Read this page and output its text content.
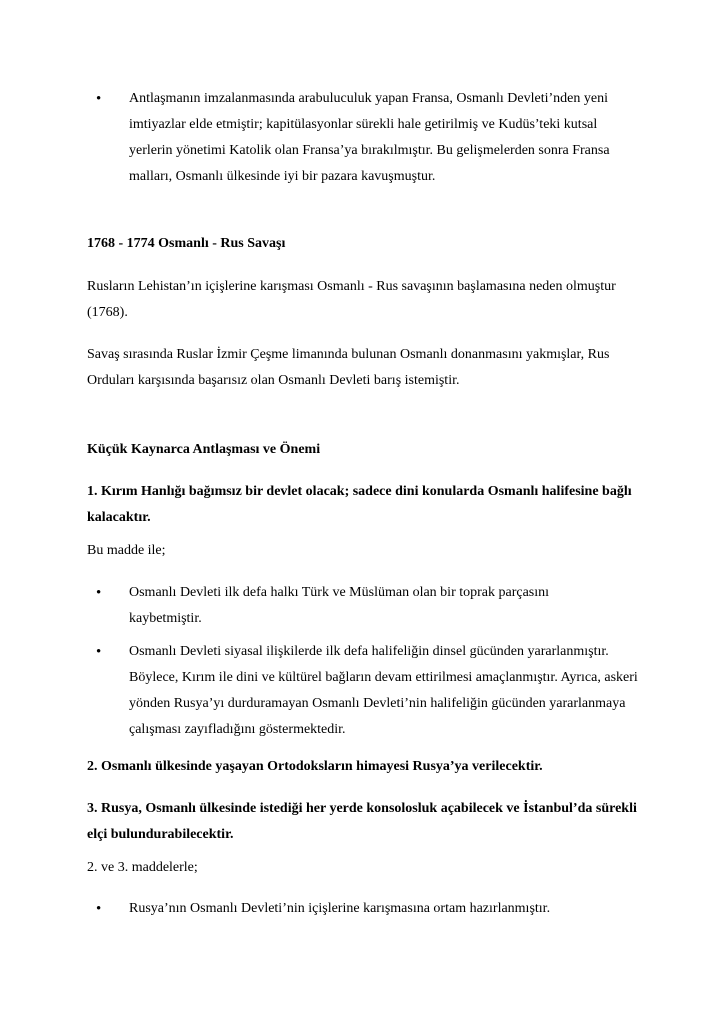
•	Antlaşmanın imzalanmasında arabuluculuk yapan Fransa, Osmanlı Devleti’nden yeni imtiyazlar elde etmiştir; kapitülasyonlar sürekli hale getirilmiş ve Kudüs’teki kutsal yerlerin yönetimi Katolik olan Fransa’ya bırakılmıştır. Bu gelişmelerden sonra Fransa malları, Osmanlı ülkesinde iyi bir pazara kavuşmuştur.

1768 - 1774 Osmanlı - Rus Savaşı

Rusların Lehistan’ın içişlerine karışması Osmanlı - Rus savaşının başlamasına neden olmuştur (1768).

Savaş sırasında Ruslar İzmir Çeşme limanında bulunan Osmanlı donanmasını yakmışlar, Rus Orduları karşısında başarısız olan Osmanlı Devleti barış istemiştir.

Küçük Kaynarca Antlaşması ve Önemi

1. Kırım Hanlığı bağımsız bir devlet olacak; sadece dini konularda Osmanlı halifesine bağlı kalacaktır.

Bu madde ile;

•	Osmanlı Devleti ilk defa halkı Türk ve Müslüman olan bir toprak parçasını kaybetmiştir.
•	Osmanlı Devleti siyasal ilişkilerde ilk defa halifeliğin dinsel gücünden yararlanmıştır. Böylece, Kırım ile dini ve kültürel bağların devam ettirilmesi amaçlanmıştır. Ayrıca, askeri yönden Rusya’yı durduramayan Osmanlı Devleti’nin halifeliğin gücünden yararlanmaya çalışması zayıfladığını göstermektedir.

2. Osmanlı ülkesinde yaşayan Ortodoksların himayesi Rusya’ya verilecektir.

3. Rusya, Osmanlı ülkesinde istediği her yerde konsolosluk açabilecek ve İstanbul’da sürekli elçi bulundurabilecektir.

2. ve 3. maddelerle;

•	Rusya’nın Osmanlı Devleti’nin içişlerine karışmasına ortam hazırlanmıştır.
